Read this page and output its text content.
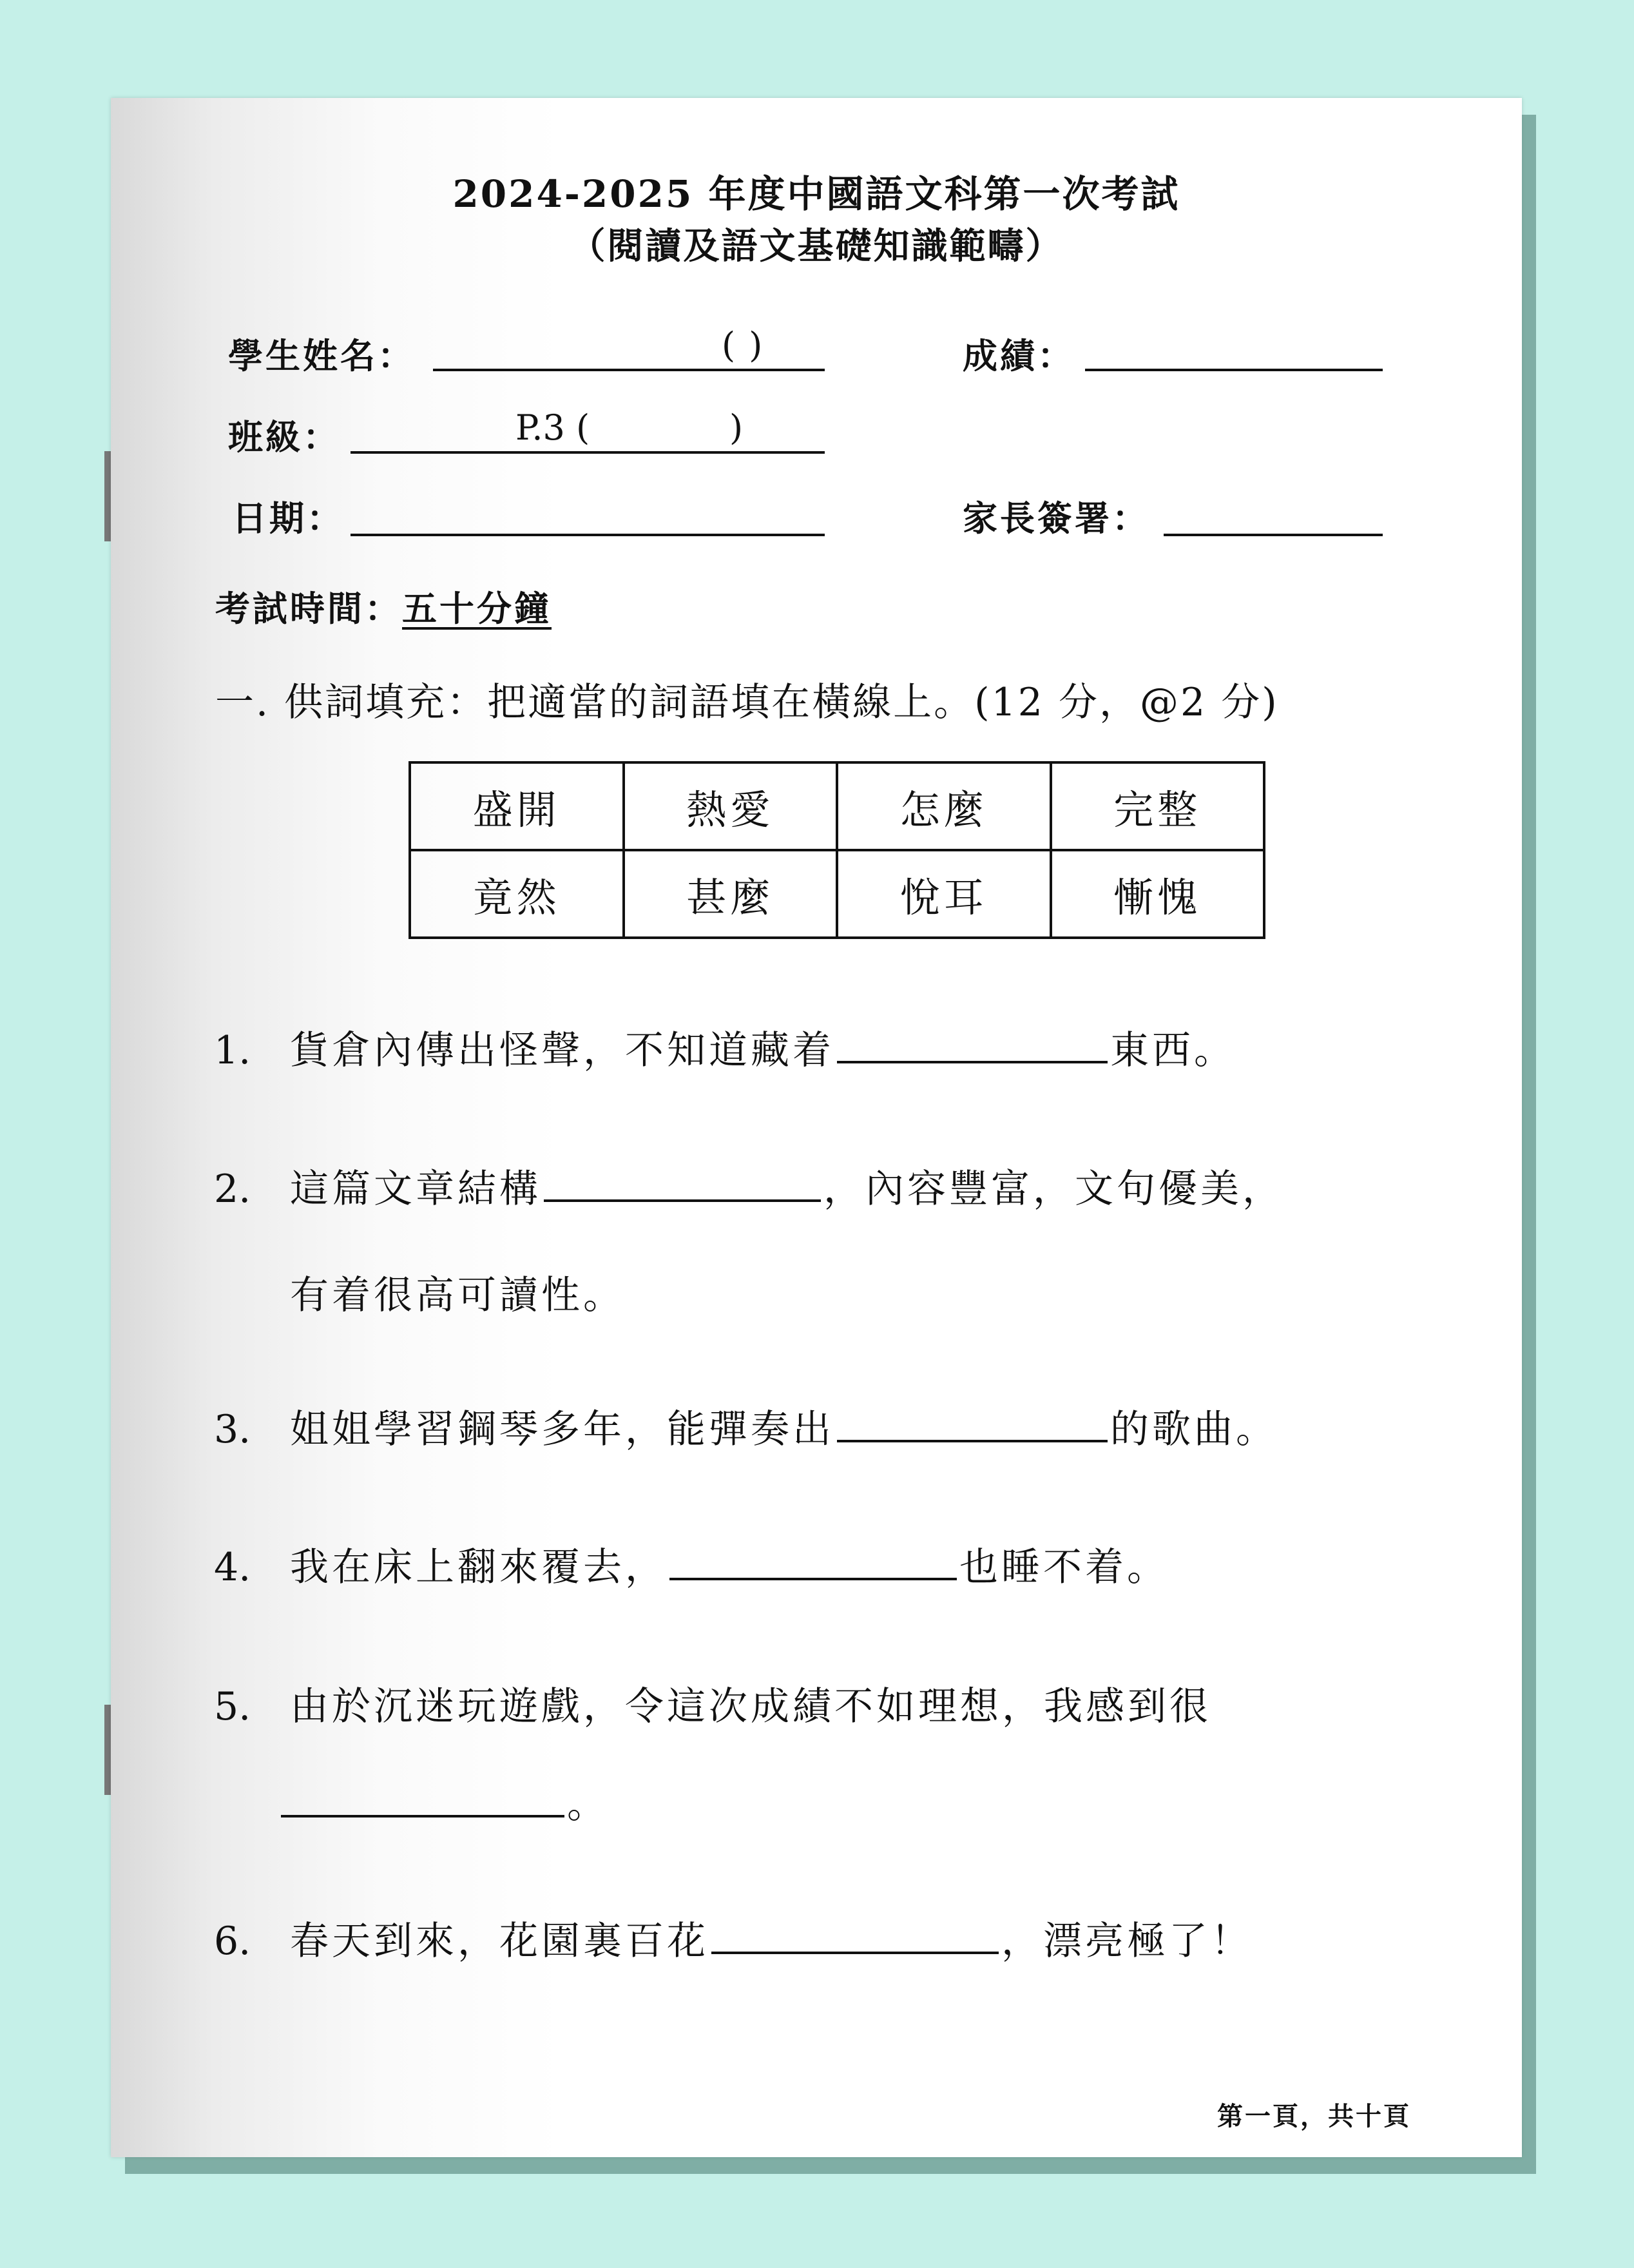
2024-2025 年度中國語文科第一次考試
（閱讀及語文基礎知識範疇）
學生姓名：	( )	成績：
班級：	P.3 (	)
日期：	家長簽署：
考試時間：五十分鐘
一. 供詞填充：把適當的詞語填在橫線上。(12 分，@2 分)
盛開	熱愛	怎麼	完整
竟然	甚麼	悅耳	慚愧
1. 貨倉內傳出怪聲，不知道藏着	東西。
2. 這篇文章結構	，內容豐富，文句優美，
有着很高可讀性。
3. 姐姐學習鋼琴多年，能彈奏出	的歌曲。
4. 我在床上翻來覆去，	也睡不着。
5. 由於沉迷玩遊戲，令這次成績不如理想，我感到很
。
6. 春天到來，花園裏百花	，漂亮極了！
第一頁，共十頁
